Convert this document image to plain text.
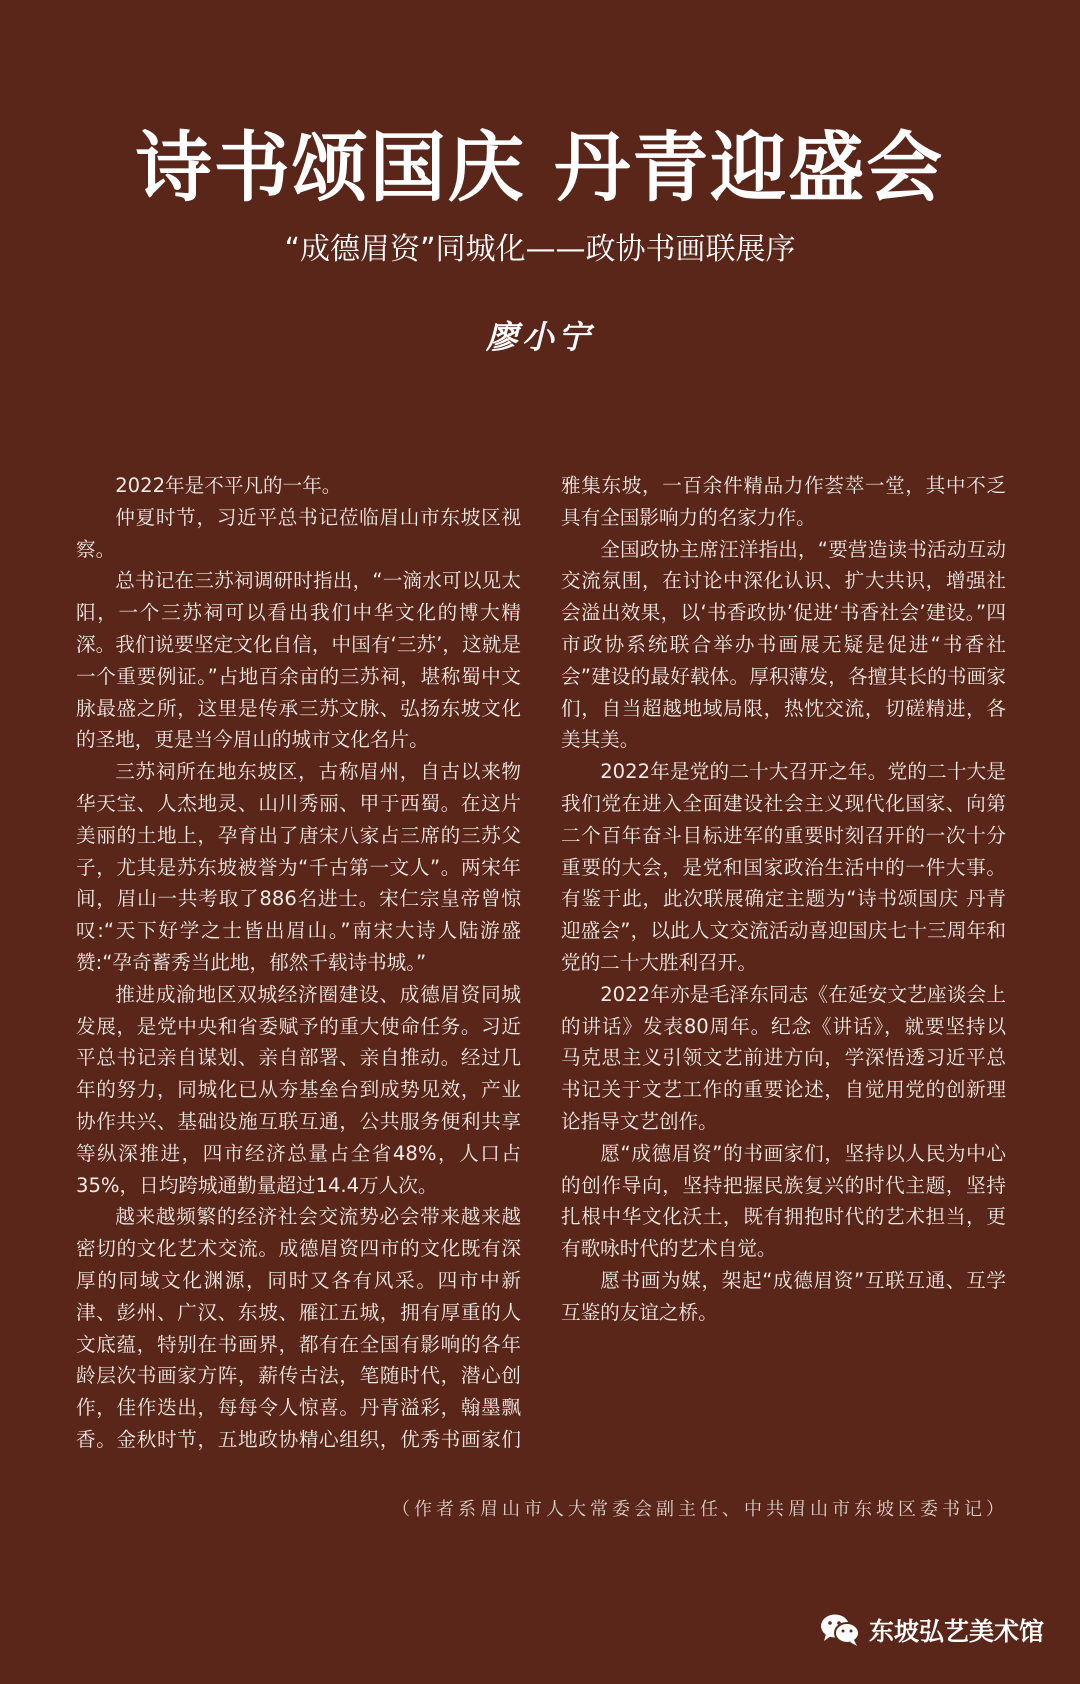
诗书颂国庆 丹青迎盛会
“成德眉资”同城化——政协书画联展序
廖小宁

2022年是不平凡的一年。

仲夏时节，习近平总书记莅临眉山市东坡区视察。

总书记在三苏祠调研时指出，“一滴水可以见太阳，一个三苏祠可以看出我们中华文化的博大精深。我们说要坚定文化自信，中国有‘三苏’，这就是一个重要例证。”占地百余亩的三苏祠，堪称蜀中文脉最盛之所，这里是传承三苏文脉、弘扬东坡文化的圣地，更是当今眉山的城市文化名片。

三苏祠所在地东坡区，古称眉州，自古以来物华天宝、人杰地灵、山川秀丽、甲于西蜀。在这片美丽的土地上，孕育出了唐宋八家占三席的三苏父子，尤其是苏东坡被誉为“千古第一文人”。两宋年间，眉山一共考取了886名进士。宋仁宗皇帝曾惊叹:“天下好学之士皆出眉山。”南宋大诗人陆游盛赞:“孕奇蓄秀当此地，郁然千载诗书城。”

推进成渝地区双城经济圈建设、成德眉资同城发展，是党中央和省委赋予的重大使命任务。习近平总书记亲自谋划、亲自部署、亲自推动。经过几年的努力，同城化已从夯基垒台到成势见效，产业协作共兴、基础设施互联互通，公共服务便利共享等纵深推进，四市经济总量占全省48%，人口占35%，日均跨城通勤量超过14.4万人次。

越来越频繁的经济社会交流势必会带来越来越密切的文化艺术交流。成德眉资四市的文化既有深厚的同域文化渊源，同时又各有风采。四市中新津、彭州、广汉、东坡、雁江五城，拥有厚重的人文底蕴，特别在书画界，都有在全国有影响的各年龄层次书画家方阵，薪传古法，笔随时代，潜心创作，佳作迭出，每每令人惊喜。丹青溢彩，翰墨飘香。金秋时节，五地政协精心组织，优秀书画家们雅集东坡，一百余件精品力作荟萃一堂，其中不乏具有全国影响力的名家力作。

全国政协主席汪洋指出，“要营造读书活动互动交流氛围，在讨论中深化认识、扩大共识，增强社会溢出效果，以‘书香政协’促进‘书香社会’建设。”四市政协系统联合举办书画展无疑是促进“书香社会”建设的最好载体。厚积薄发，各擅其长的书画家们，自当超越地域局限，热忱交流，切磋精进，各美其美。

2022年是党的二十大召开之年。党的二十大是我们党在进入全面建设社会主义现代化国家、向第二个百年奋斗目标进军的重要时刻召开的一次十分重要的大会，是党和国家政治生活中的一件大事。有鉴于此，此次联展确定主题为“诗书颂国庆 丹青迎盛会”，以此人文交流活动喜迎国庆七十三周年和党的二十大胜利召开。

2022年亦是毛泽东同志《在延安文艺座谈会上的讲话》发表80周年。纪念《讲话》，就要坚持以马克思主义引领文艺前进方向，学深悟透习近平总书记关于文艺工作的重要论述，自觉用党的创新理论指导文艺创作。

愿“成德眉资”的书画家们，坚持以人民为中心的创作导向，坚持把握民族复兴的时代主题，坚持扎根中华文化沃土，既有拥抱时代的艺术担当，更有歌咏时代的艺术自觉。

愿书画为媒，架起“成德眉资”互联互通、互学互鉴的友谊之桥。

（作者系眉山市人大常委会副主任、中共眉山市东坡区委书记）
东坡弘艺美术馆
